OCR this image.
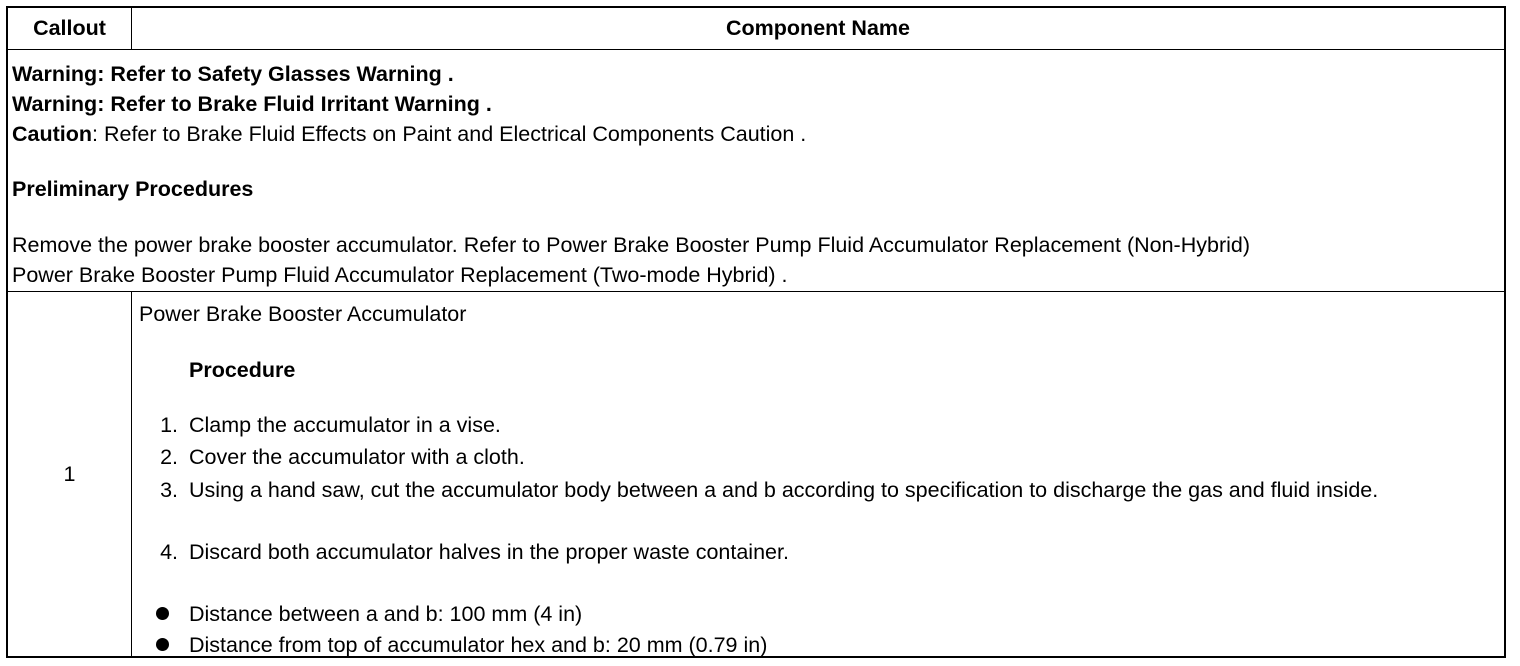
Callout	Component Name
Warning: Refer to Safety Glasses Warning .
Warning: Refer to Brake Fluid Irritant Warning .
Caution: Refer to Brake Fluid Effects on Paint and Electrical Components Caution .
Preliminary Procedures
Remove the power brake booster accumulator. Refer to Power Brake Booster Pump Fluid Accumulator Replacement (Non-Hybrid)
Power Brake Booster Pump Fluid Accumulator Replacement (Two-mode Hybrid) .
1
Power Brake Booster Accumulator
Procedure
1. Clamp the accumulator in a vise.
2. Cover the accumulator with a cloth.
3. Using a hand saw, cut the accumulator body between a and b according to specification to discharge the gas and fluid inside.
4. Discard both accumulator halves in the proper waste container.
Distance between a and b: 100 mm (4 in)
Distance from top of accumulator hex and b: 20 mm (0.79 in)
